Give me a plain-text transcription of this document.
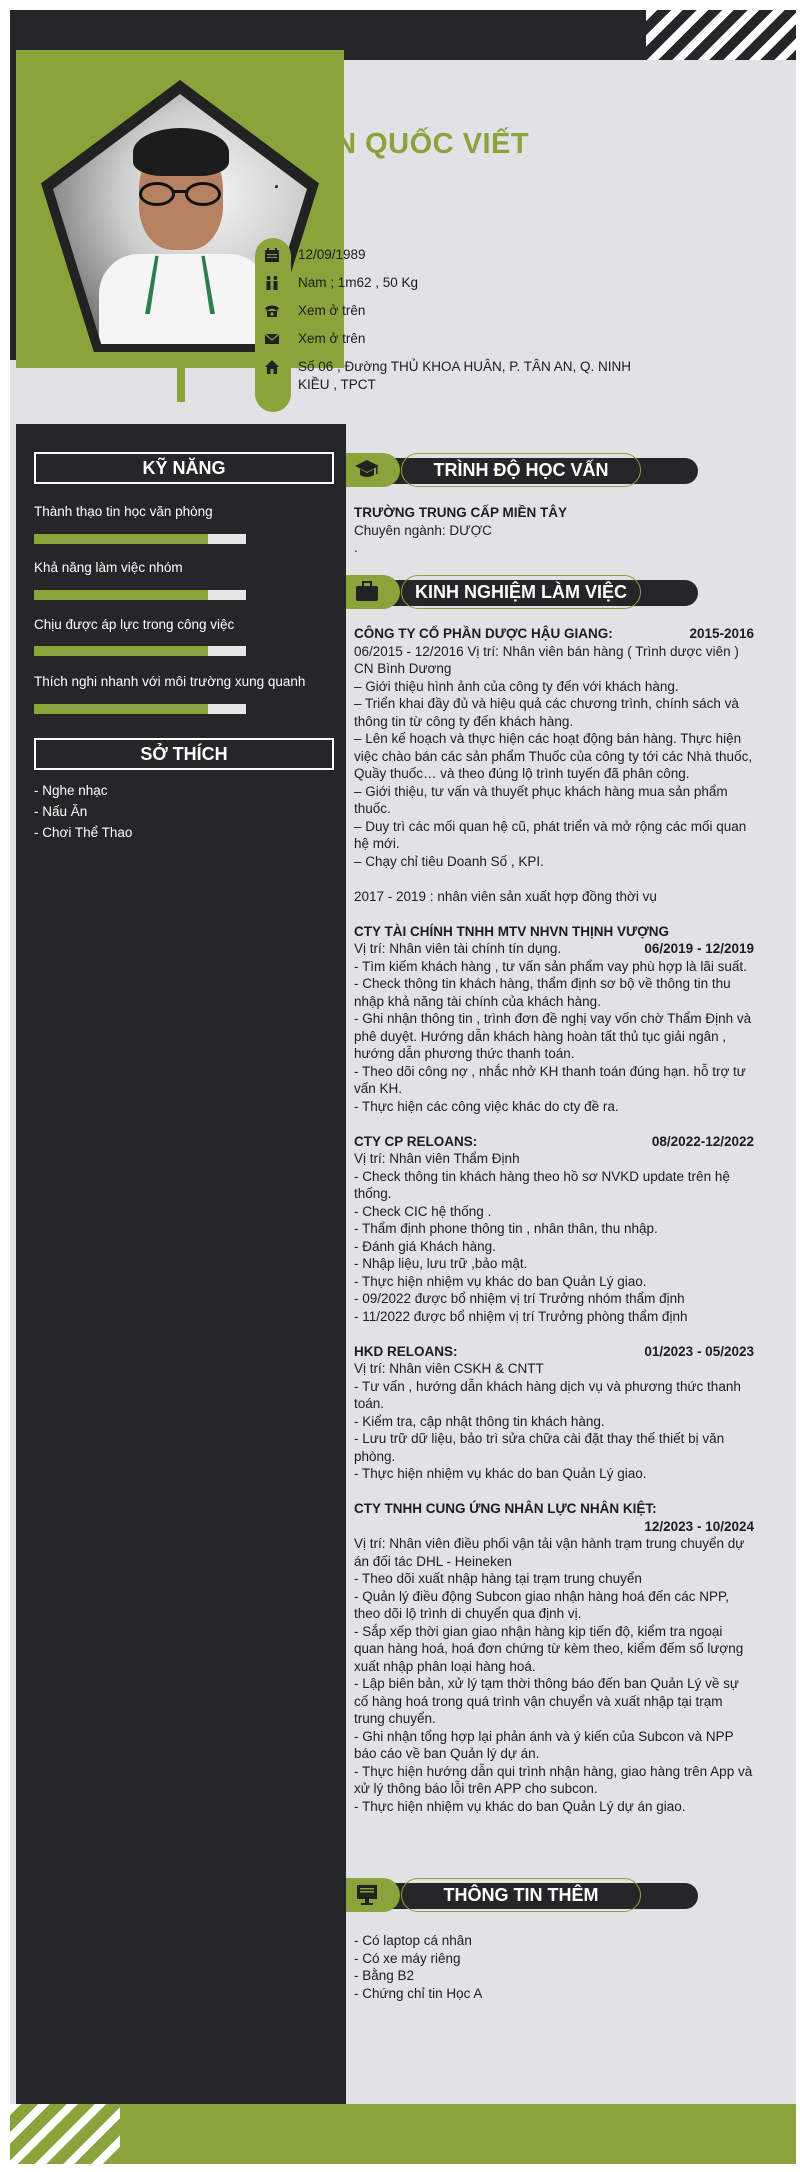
TRẦN QUỐC VIẾT
.
12/09/1989
Nam ; 1m62 , 50 Kg
Xem ở trên
Xem ở trên
Số 06 , Đường THỦ KHOA HUÂN, P. TÂN AN, Q. NINH KIỀU , TPCT
KỸ NĂNG
Thành thạo tin học văn phòng
Khả năng làm việc nhóm
Chịu được áp lực trong công việc
Thích nghi nhanh với môi trường xung quanh
SỞ THÍCH
- Nghe nhạc
- Nấu Ăn
- Chơi Thể Thao
TRÌNH ĐỘ HỌC VẤN

TRƯỜNG TRUNG CẤP MIỀN TÂY

Chuyên ngành: DƯỢC

.

KINH NGHIỆM LÀM VIỆC
CÔNG TY CỔ PHẦN DƯỢC HẬU GIANG:	2015-2016

06/2015 - 12/2016 Vị trí: Nhân viên bán hàng ( Trình dược viên ) CN Bình Dương

– Giới thiệu hình ảnh của công ty đến với khách hàng.

– Triển khai đầy đủ và hiệu quả các chương trình, chính sách và thông tin từ công ty đến khách hàng.

– Lên kế hoạch và thực hiện các hoạt động bán hàng. Thực hiện việc chào bán các sản phẩm Thuốc của công ty tới các Nhà thuốc, Quầy thuốc… và theo đúng lộ trình tuyến đã phân công.

– Giới thiệu, tư vấn và thuyết phục khách hàng mua sản phẩm thuốc.

– Duy trì các mối quan hệ cũ, phát triển và mở rộng các mối quan hệ mới.

– Chạy chỉ tiêu Doanh Số , KPI.

2017 - 2019 : nhân viên sản xuất hợp đồng thời vụ

CTY TÀI CHÍNH TNHH MTV NHVN THỊNH VƯỢNG

Vị trí: Nhân viên tài chính tín dụng.	06/2019 - 12/2019

- Tìm kiếm khách hàng , tư vấn sản phẩm vay phù hợp là lãi suất.

- Check thông tin khách hàng, thẩm định sơ bộ về thông tin thu nhập khả năng tài chính của khách hàng.

- Ghi nhận thông tin , trình đơn đề nghị vay vốn chờ Thẩm Định và phê duyệt. Hướng dẫn khách hàng hoàn tất thủ tục giải ngân , hướng dẫn phương thức thanh toán.

- Theo dõi công nợ , nhắc nhở KH thanh toán đúng hạn. hỗ trợ tư vấn KH.

- Thực hiện các công việc khác do cty đề ra.

CTY CP RELOANS:	08/2022-12/2022

Vị trí: Nhân viên Thẩm Định

- Check thông tin khách hàng theo hồ sơ NVKD update trên hệ thống.

- Check CIC hệ thống .

- Thẩm định phone thông tin , nhân thân, thu nhập.

- Đánh giá Khách hàng.

- Nhập liệu, lưu trữ ,bảo mật.

- Thực hiện nhiệm vụ khác do ban Quản Lý giao.

- 09/2022 được bổ nhiệm vị trí Trưởng nhóm thẩm định

- 11/2022 được bổ nhiệm vị trí Trưởng phòng thẩm định

HKD RELOANS:	01/2023 - 05/2023

Vị trí: Nhân viên CSKH & CNTT

- Tư vấn , hướng dẫn khách hàng dịch vụ và phương thức thanh toán.

- Kiểm tra, cập nhật thông tin khách hàng.

- Lưu trữ dữ liệu, bảo trì sửa chữa cài đặt thay thế thiết bị văn phòng.

- Thực hiện nhiệm vụ khác do ban Quản Lý giao.

CTY TNHH CUNG ỨNG NHÂN LỰC NHÂN KIỆT:

12/2023 - 10/2024

Vị trí: Nhân viên điều phối vận tải vận hành trạm trung chuyển dự án đối tác DHL - Heineken

- Theo dõi xuất nhập hàng tại trạm trung chuyển

- Quản lý điều động Subcon giao nhận hàng hoá đến các NPP, theo dõi lộ trình di chuyển qua định vị.

- Sắp xếp thời gian giao nhận hàng kịp tiến độ, kiểm tra ngoại quan hàng hoá, hoá đơn chứng từ kèm theo, kiểm đếm số lượng xuất nhập phân loại hàng hoá.

- Lập biên bản, xử lý tạm thời thông báo đến ban Quản Lý về sự cố hàng hoá trong quá trình vận chuyển và xuất nhập tại trạm trung chuyển.

- Ghi nhận tổng hợp lại phản ánh và ý kiến của Subcon và NPP báo cáo về ban Quản lý dự án.

- Thực hiện hướng dẫn qui trình nhận hàng, giao hàng trên App và xử lý thông báo lỗi trên APP cho subcon.

- Thực hiện nhiệm vụ khác do ban Quản Lý dự án giao.

THÔNG TIN THÊM

- Có laptop cá nhân

- Có xe máy riêng

- Bằng B2

- Chứng chỉ tin Học A
